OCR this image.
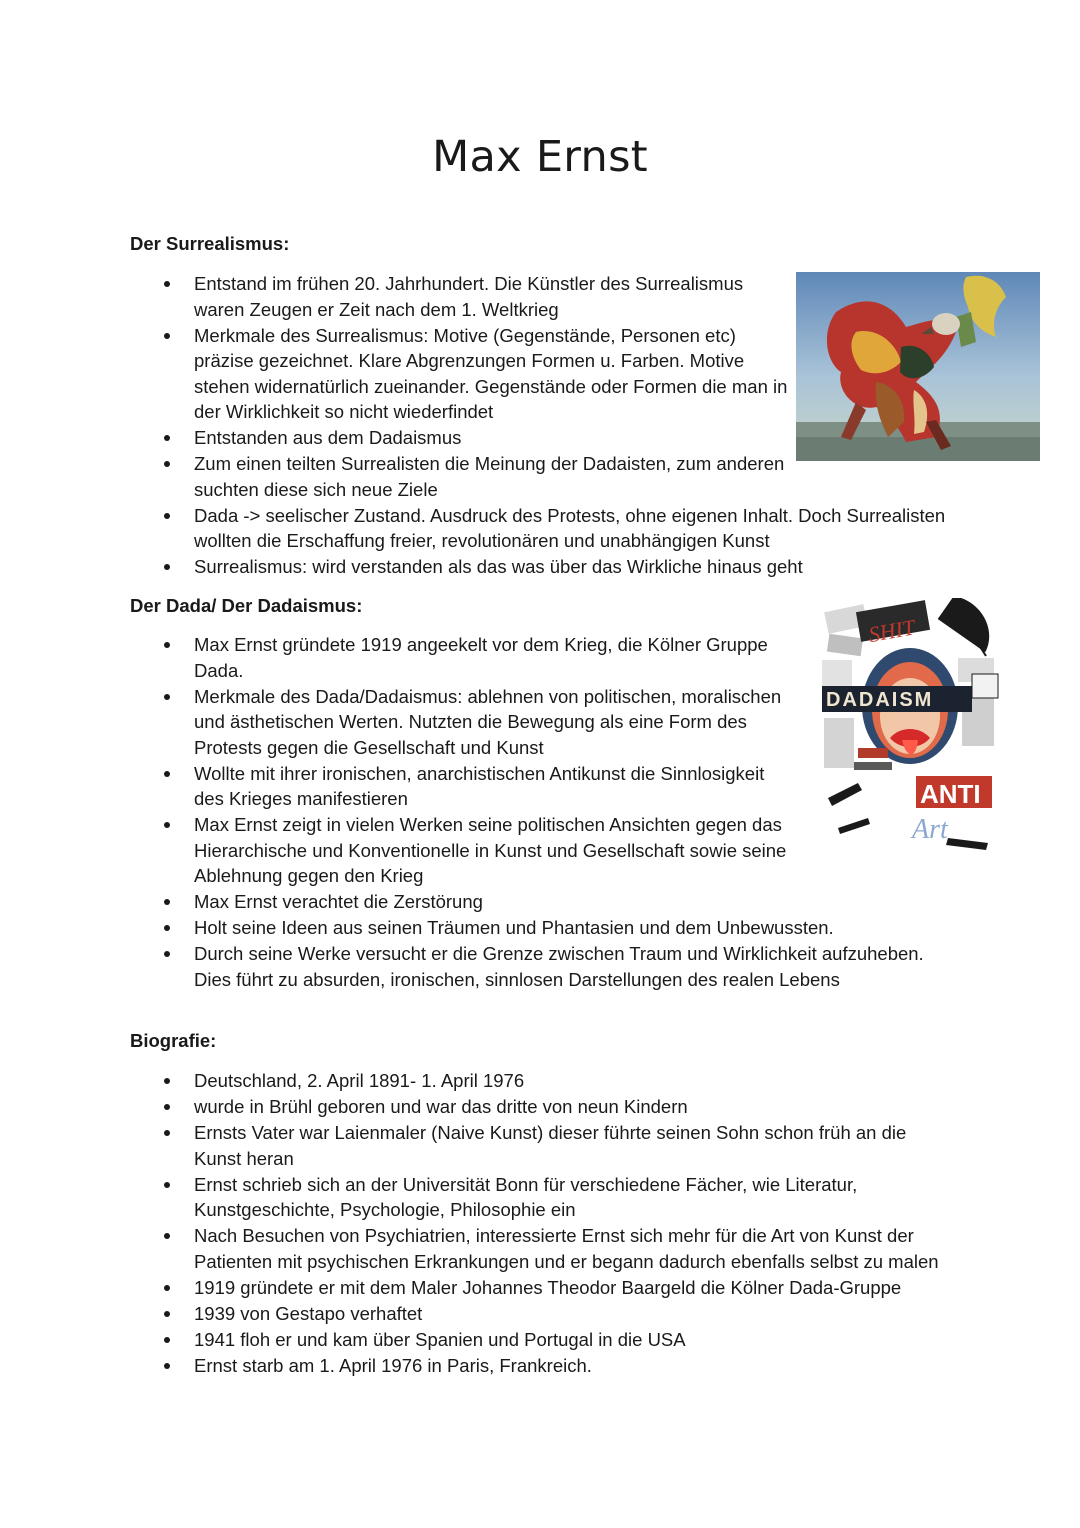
Max Ernst
Der Surrealismus:
Entstand im frühen 20. Jahrhundert. Die Künstler des Surrealismus waren Zeugen er Zeit nach dem 1. Weltkrieg
Merkmale des Surrealismus: Motive (Gegenstände, Personen etc) präzise gezeichnet. Klare Abgrenzungen Formen u. Farben. Motive stehen widernatürlich zueinander. Gegenstände oder Formen die man in der Wirklichkeit so nicht wiederfindet
Entstanden aus dem Dadaismus
Zum einen teilten Surrealisten die Meinung der Dadaisten, zum anderen suchten diese sich neue Ziele
Dada -> seelischer Zustand. Ausdruck des Protests, ohne eigenen Inhalt. Doch Surrealisten wollten die Erschaffung freier, revolutionären und unabhängigen Kunst
Surrealismus: wird verstanden als das was über das Wirkliche hinaus geht
Der Dada/ Der Dadaismus:
Max Ernst gründete 1919 angeekelt vor dem Krieg, die Kölner Gruppe Dada.
Merkmale des Dada/Dadaismus: ablehnen von politischen, moralischen und ästhetischen Werten. Nutzten die Bewegung als eine Form des Protests gegen die Gesellschaft und Kunst
Wollte mit ihrer ironischen, anarchistischen Antikunst die Sinnlosigkeit des Krieges manifestieren
Max Ernst zeigt in vielen Werken seine politischen Ansichten gegen das Hierarchische und Konventionelle in Kunst und Gesellschaft sowie seine Ablehnung gegen den Krieg
Max Ernst verachtet die Zerstörung
Holt seine Ideen aus seinen Träumen und Phantasien und dem Unbewussten.
Durch seine Werke versucht er die Grenze zwischen Traum und Wirklichkeit aufzuheben. Dies führt zu absurden, ironischen, sinnlosen Darstellungen des realen Lebens
SHIT
DADAISM
ANTI
Art
Biografie:
Deutschland, 2. April 1891- 1. April 1976
wurde in Brühl geboren und war das dritte von neun Kindern
Ernsts Vater war Laienmaler (Naive Kunst) dieser führte seinen Sohn schon früh an die Kunst heran
Ernst schrieb sich an der Universität Bonn für verschiedene Fächer, wie Literatur, Kunstgeschichte, Psychologie, Philosophie ein
Nach Besuchen von Psychiatrien, interessierte Ernst sich mehr für die Art von Kunst der Patienten mit psychischen Erkrankungen und er begann dadurch ebenfalls selbst zu malen
1919 gründete er mit dem Maler Johannes Theodor Baargeld die Kölner Dada-Gruppe
1939 von Gestapo verhaftet
1941 floh er und kam über Spanien und Portugal in die USA
Ernst starb am 1. April 1976 in Paris, Frankreich.
